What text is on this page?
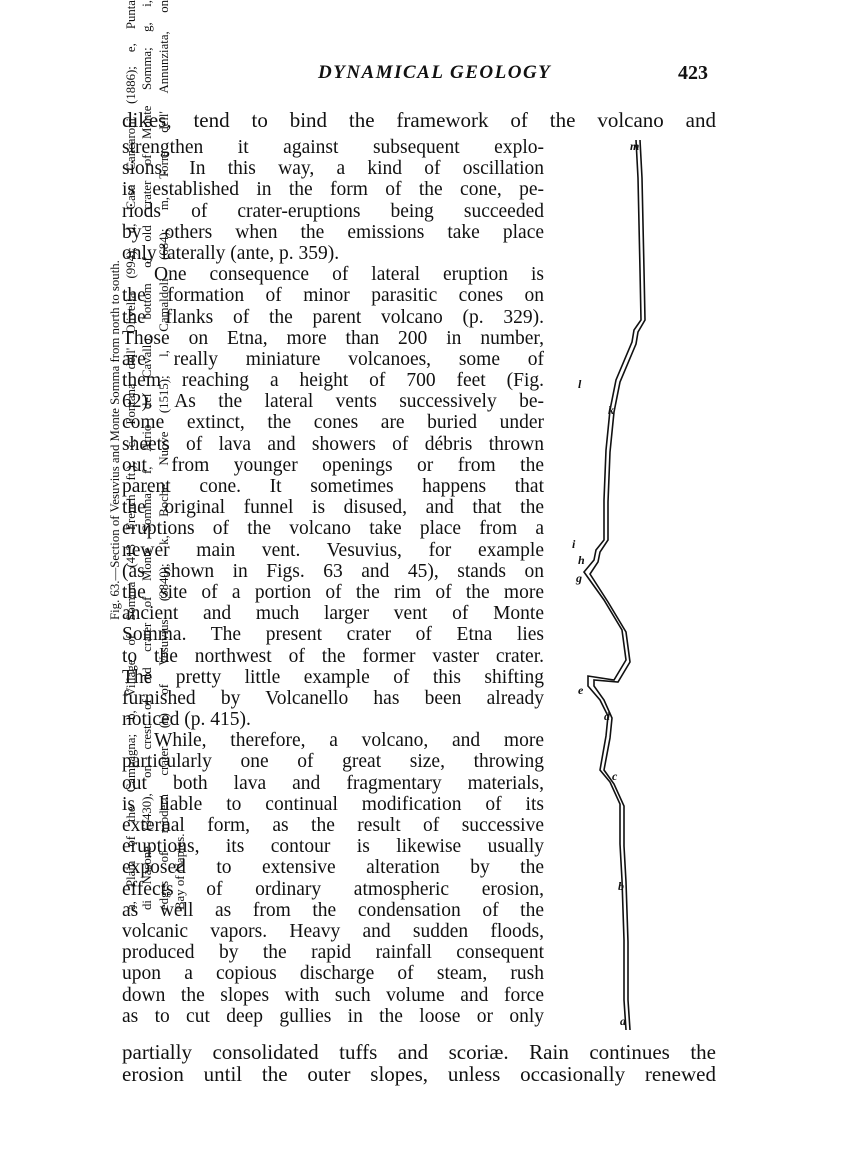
DYNAMICAL GEOLOGY	423
dikes, tend to bind the framework of the volcano and
strengthen it against subsequent explo-
sions. In this way, a kind of oscillation
is established in the form of the cone, pe-
riods of crater-eruptions being succeeded
by others when the emissions take place
only laterally (ante, p. 359).
One consequence of lateral eruption is
the formation of minor parasitic cones on
the flanks of the parent volcano (p. 329).
Those on Etna, more than 200 in number,
are really miniature volcanoes, some of
them reaching a height of 700 feet (Fig.
62). As the lateral vents successively be-
come extinct, the cones are buried under
sheets of lava and showers of débris thrown
out from younger openings or from the
parent cone. It sometimes happens that
the original funnel is disused, and that the
eruptions of the volcano take place from a
newer main vent. Vesuvius, for example
(as shown in Figs. 63 and 45), stands on
the site of a portion of the rim of the more
ancient and much larger vent of Monte
Somma. The present crater of Etna lies
to the northwest of the former vaster crater.
The pretty little example of this shifting
furnished by Volcanello has been already
noticed (p. 415).
While, therefore, a volcano, and more
particularly one of great size, throwing
out both lava and fragmentary materials,
is liable to continual modification of its
external form, as the result of successive
eruptions, its contour is likewise usually
exposed to extensive alteration by the
effects of ordinary atmospheric erosion,
as well as from the condensation of the
volcanic vapors. Heavy and sudden floods,
produced by the rapid rainfall consequent
upon a copious discharge of steam, rush
down the slopes with such volume and force
as to cut deep gullies in the loose or only
partially consolidated tuffs and scoriæ. Rain continues the
erosion until the outer slopes, unless occasionally renewed
m
k
l
i
h
g
e
d
c
b
a
Fig. 63.—Section of Vesuvius and Monte Somma from north to south. a, Plain of the Campagna; b, Village of Somma (413 French ft.); c, Fontana dell' Olivella (994); d, Casa Cancaroni (1886); e, Punta di Nasone (3430), on crest of old crater of Monte Somma; f, Atrio del Cavallo, bottom of old crater of Monte Somma; g, i, edges of modern crater (h) of Vesuvius (3840); k, Boche Nuove (1515); l, Camaldoli (684); m, Torre dell' Annunziata, on Bay of Naples.
